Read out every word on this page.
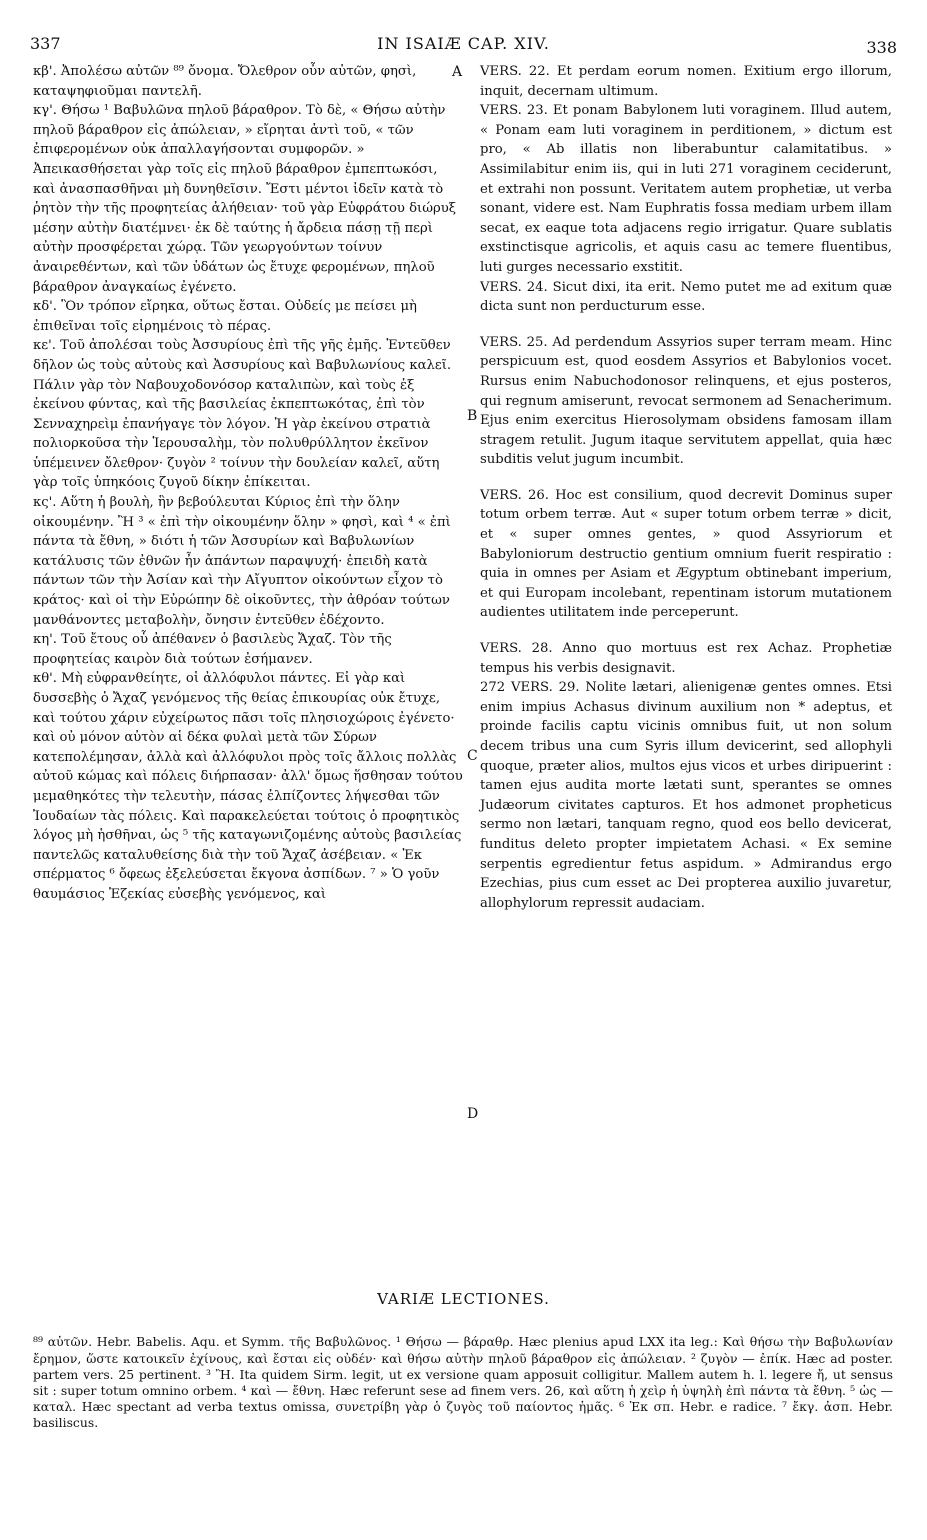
337	IN ISAIÆ CAP. XIV.	338

κβ'. Ἀπολέσω αὐτῶν ⁸⁹ ὄνομα. Ὄλεθρον οὖν αὐτῶν, φησὶ, καταψηφιοῦμαι παντελῆ.

κγ'. Θήσω ¹ Βαβυλῶνα πηλοῦ βάραθρον. Τὸ δὲ, « Θήσω αὐτὴν πηλοῦ βάραθρον εἰς ἀπώλειαν, » εἴρηται ἀντὶ τοῦ, « τῶν ἐπιφερομένων οὐκ ἀπαλλαγήσονται συμφορῶν. » Ἀπεικασθήσεται γὰρ τοῖς εἰς πηλοῦ βάραθρον ἐμπεπτωκόσι, καὶ ἀνασπασθῆναι μὴ δυνηθεῖσιν. Ἔστι μέντοι ἰδεῖν κατὰ τὸ ῥητὸν τὴν τῆς προφητείας ἀλήθειαν· τοῦ γὰρ Εὐφράτου διώρυξ μέσην αὐτὴν διατέμνει· ἐκ δὲ ταύτης ἡ ἄρδεια πάσῃ τῇ περὶ αὐτὴν προσφέρεται χώρᾳ. Τῶν γεωργούντων τοίνυν ἀναιρεθέντων, καὶ τῶν ὑδάτων ὡς ἔτυχε φερομένων, πηλοῦ βάραθρον ἀναγκαίως ἐγένετο.

κδ'. Ὃν τρόπον εἴρηκα, οὕτως ἔσται. Οὐδείς με πείσει μὴ ἐπιθεῖναι τοῖς εἰρημένοις τὸ πέρας.

κε'. Τοῦ ἀπολέσαι τοὺς Ἀσσυρίους ἐπὶ τῆς γῆς ἐμῆς. Ἐντεῦθεν δῆλον ὡς τοὺς αὐτοὺς καὶ Ἀσσυρίους καὶ Βαβυλωνίους καλεῖ. Πάλιν γὰρ τὸν Ναβουχοδονόσορ καταλιπὼν, καὶ τοὺς ἐξ ἐκείνου φύντας, καὶ τῆς βασιλείας ἐκπεπτωκότας, ἐπὶ τὸν Σενναχηρεὶμ ἐπανήγαγε τὸν λόγον. Ἡ γὰρ ἐκείνου στρατιὰ πολιορκοῦσα τὴν Ἱερουσαλὴμ, τὸν πολυθρύλλητον ἐκεῖνον ὑπέμεινεν ὄλεθρον· ζυγὸν ² τοίνυν τὴν δουλείαν καλεῖ, αὕτη γὰρ τοῖς ὑπηκόοις ζυγοῦ δίκην ἐπίκειται.

κς'. Αὕτη ἡ βουλὴ, ἣν βεβούλευται Κύριος ἐπὶ τὴν ὅλην οἰκουμένην. Ἢ ³ « ἐπὶ τὴν οἰκουμένην ὅλην » φησὶ, καὶ ⁴ « ἐπὶ πάντα τὰ ἔθνη, » διότι ἡ τῶν Ἀσσυρίων καὶ Βαβυλωνίων κατάλυσις τῶν ἐθνῶν ἦν ἁπάντων παραψυχή· ἐπειδὴ κατὰ πάντων τῶν τὴν Ἀσίαν καὶ τὴν Αἴγυπτον οἰκούντων εἶχον τὸ κράτος· καὶ οἱ τὴν Εὐρώπην δὲ οἰκοῦντες, τὴν ἀθρόαν τούτων μανθάνοντες μεταβολὴν, ὄνησιν ἐντεῦθεν ἐδέχοντο.

κη'. Τοῦ ἔτους οὗ ἀπέθανεν ὁ βασιλεὺς Ἄχαζ. Τὸν τῆς προφητείας καιρὸν διὰ τούτων ἐσήμανεν.

κθ'. Μὴ εὐφρανθείητε, οἱ ἀλλόφυλοι πάντες. Εἰ γὰρ καὶ δυσσεβὴς ὁ Ἄχαζ γενόμενος τῆς θείας ἐπικουρίας οὐκ ἔτυχε, καὶ τούτου χάριν εὐχείρωτος πᾶσι τοῖς πλησιοχώροις ἐγένετο· καὶ οὐ μόνον αὐτὸν αἱ δέκα φυλαὶ μετὰ τῶν Σύρων κατεπολέμησαν, ἀλλὰ καὶ ἀλλόφυλοι πρὸς τοῖς ἄλλοις πολλὰς αὐτοῦ κώμας καὶ πόλεις διήρπασαν· ἀλλ' ὅμως ἥσθησαν τούτου μεμαθηκότες τὴν τελευτὴν, πάσας ἐλπίζοντες λήψεσθαι τῶν Ἰουδαίων τὰς πόλεις. Καὶ παρακελεύεται τούτοις ὁ προφητικὸς λόγος μὴ ἡσθῆναι, ὡς ⁵ τῆς καταγωνιζομένης αὐτοὺς βασιλείας παντελῶς καταλυθείσης διὰ τὴν τοῦ Ἄχαζ ἀσέβειαν. « Ἐκ σπέρματος ⁶ ὄφεως ἐξελεύσεται ἔκγονα ἀσπίδων. ⁷ » Ὁ γοῦν θαυμάσιος Ἐζεκίας εὐσεβὴς γενόμενος, καὶ

VERS. 22. Et perdam eorum nomen. Exitium ergo illorum, inquit, decernam ultimum.

VERS. 23. Et ponam Babylonem luti voraginem. Illud autem, « Ponam eam luti voraginem in perditionem, » dictum est pro, « Ab illatis non liberabuntur calamitatibus. » Assimilabitur enim iis, qui in luti 271 voraginem ceciderunt, et extrahi non possunt. Veritatem autem prophetiæ, ut verba sonant, videre est. Nam Euphratis fossa mediam urbem illam secat, ex eaque tota adjacens regio irrigatur. Quare sublatis exstinctisque agricolis, et aquis casu ac temere fluentibus, luti gurges necessario exstitit.

VERS. 24. Sicut dixi, ita erit. Nemo putet me ad exitum quæ dicta sunt non perducturum esse.

VERS. 25. Ad perdendum Assyrios super terram meam. Hinc perspicuum est, quod eosdem Assyrios et Babylonios vocet. Rursus enim Nabuchodonosor relinquens, et ejus posteros, qui regnum amiserunt, revocat sermonem ad Senacherimum. Ejus enim exercitus Hierosolymam obsidens famosam illam stragem retulit. Jugum itaque servitutem appellat, quia hæc subditis velut jugum incumbit.

VERS. 26. Hoc est consilium, quod decrevit Dominus super totum orbem terræ. Aut « super totum orbem terræ » dicit, et « super omnes gentes, » quod Assyriorum et Babyloniorum destructio gentium omnium fuerit respiratio : quia in omnes per Asiam et Ægyptum obtinebant imperium, et qui Europam incolebant, repentinam istorum mutationem audientes utilitatem inde perceperunt.

VERS. 28. Anno quo mortuus est rex Achaz. Prophetiæ tempus his verbis designavit.

272 VERS. 29. Nolite lætari, alienigenæ gentes omnes. Etsi enim impius Achasus divinum auxilium non * adeptus, et proinde facilis captu vicinis omnibus fuit, ut non solum decem tribus una cum Syris illum devicerint, sed allophyli quoque, præter alios, multos ejus vicos et urbes diripuerint : tamen ejus audita morte lætati sunt, sperantes se omnes Judæorum civitates capturos. Et hos admonet propheticus sermo non lætari, tanquam regno, quod eos bello devicerat, funditus deleto propter impietatem Achasi. « Ex semine serpentis egredientur fetus aspidum. » Admirandus ergo Ezechias, pius cum esset ac Dei propterea auxilio juvaretur, allophylorum repressit audaciam.

A
B
C
D
VARIÆ LECTIONES.

⁸⁹ αὐτῶν. Hebr. Babelis. Aqu. et Symm. τῆς Βαβυλῶνος. ¹ Θήσω — βάραθρ. Hæc plenius apud LXX ita leg.: Καὶ θήσω τὴν Βαβυλωνίαν ἔρημον, ὥστε κατοικεῖν ἐχίνους, καὶ ἔσται εἰς οὐδέν· καὶ θήσω αὐτὴν πηλοῦ βάραθρον εἰς ἀπώλειαν. ² ζυγὸν — ἐπίκ. Hæc ad poster. partem vers. 25 pertinent. ³ Ἢ. Ita quidem Sirm. legit, ut ex versione quam apposuit colligitur. Mallem autem h. l. legere ἤ, ut sensus sit : super totum omnino orbem. ⁴ καὶ — ἔθνη. Hæc referunt sese ad finem vers. 26, καὶ αὕτη ἡ χεὶρ ἡ ὑψηλὴ ἐπὶ πάντα τὰ ἔθνη. ⁵ ὡς — καταλ. Hæc spectant ad verba textus omissa, συνετρίβη γὰρ ὁ ζυγὸς τοῦ παίοντος ἡμᾶς. ⁶ Ἐκ σπ. Hebr. e radice. ⁷ ἔκγ. ἀσπ. Hebr. basiliscus.
